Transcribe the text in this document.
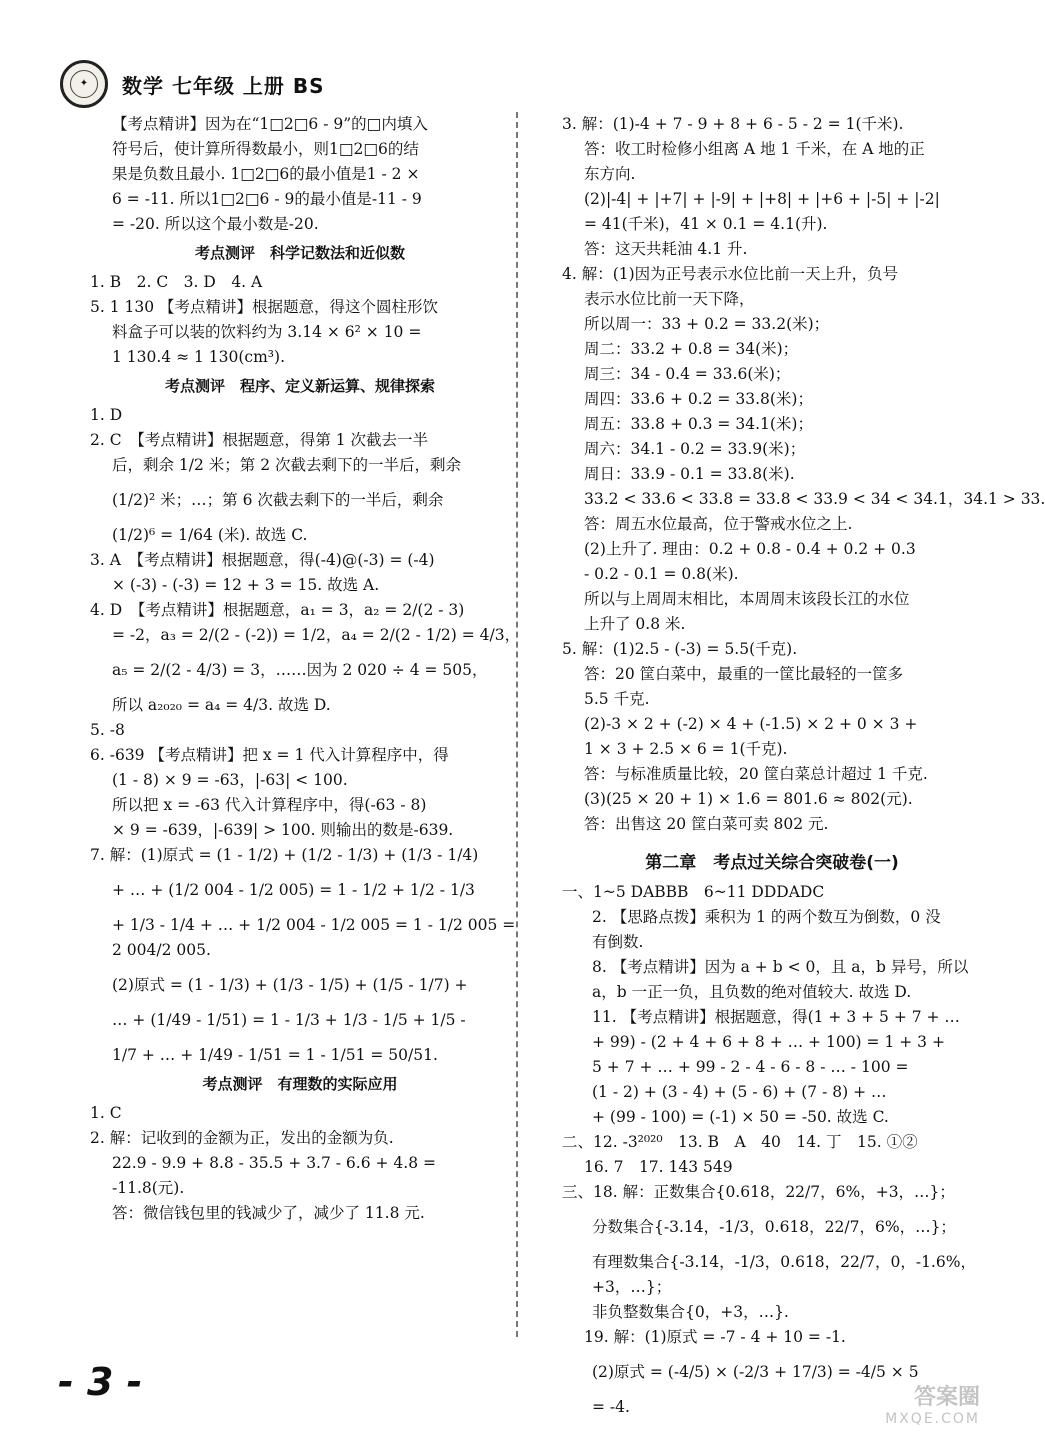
✦	数学 七年级 上册 BS
【考点精讲】因为在“1□2□6 - 9”的□内填入
符号后，使计算所得数最小，则1□2□6的结
果是负数且最小. 1□2□6的最小值是1 - 2 ×
6 = -11. 所以1□2□6 - 9的最小值是-11 - 9
= -20. 所以这个最小数是-20.
考点测评　科学记数法和近似数
1. B　2. C　3. D　4. A
5. 1 130 【考点精讲】根据题意，得这个圆柱形饮
料盒子可以装的饮料约为 3.14 × 6² × 10 =
1 130.4 ≈ 1 130(cm³).
考点测评　程序、定义新运算、规律探索
1. D
2. C　【考点精讲】根据题意，得第 1 次截去一半
后，剩余 1/2 米；第 2 次截去剩下的一半后，剩余
(1/2)² 米；…；第 6 次截去剩下的一半后，剩余
(1/2)⁶ = 1/64 (米). 故选 C.
3. A　【考点精讲】根据题意，得(-4)@(-3) = (-4)
× (-3) - (-3) = 12 + 3 = 15. 故选 A.
4. D　【考点精讲】根据题意，a₁ = 3，a₂ = 2/(2 - 3)
= -2，a₃ = 2/(2 - (-2)) = 1/2，a₄ = 2/(2 - 1/2) = 4/3，
a₅ = 2/(2 - 4/3) = 3，……因为 2 020 ÷ 4 = 505，
所以 a₂₀₂₀ = a₄ = 4/3. 故选 D.
5. -8
6. -639 【考点精讲】把 x = 1 代入计算程序中，得
(1 - 8) × 9 = -63，|-63| < 100.
所以把 x = -63 代入计算程序中，得(-63 - 8)
× 9 = -639，|-639| > 100. 则输出的数是-639.
7. 解：(1)原式 = (1 - 1/2) + (1/2 - 1/3) + (1/3 - 1/4)
+ … + (1/2 004 - 1/2 005) = 1 - 1/2 + 1/2 - 1/3
+ 1/3 - 1/4 + … + 1/2 004 - 1/2 005 = 1 - 1/2 005 =
2 004/2 005.
(2)原式 = (1 - 1/3) + (1/3 - 1/5) + (1/5 - 1/7) +
… + (1/49 - 1/51) = 1 - 1/3 + 1/3 - 1/5 + 1/5 -
1/7 + … + 1/49 - 1/51 = 1 - 1/51 = 50/51.
考点测评　有理数的实际应用
1. C
2. 解：记收到的金额为正，发出的金额为负.
22.9 - 9.9 + 8.8 - 35.5 + 3.7 - 6.6 + 4.8 =
-11.8(元).
答：微信钱包里的钱减少了，减少了 11.8 元.
3. 解：(1)-4 + 7 - 9 + 8 + 6 - 5 - 2 = 1(千米).
答：收工时检修小组离 A 地 1 千米，在 A 地的正
东方向.
(2)|-4| + |+7| + |-9| + |+8| + |+6 + |-5| + |-2|
= 41(千米)，41 × 0.1 = 4.1(升).
答：这天共耗油 4.1 升.
4. 解：(1)因为正号表示水位比前一天上升，负号
表示水位比前一天下降，
所以周一：33 + 0.2 = 33.2(米)；
周二：33.2 + 0.8 = 34(米)；
周三：34 - 0.4 = 33.6(米)；
周四：33.6 + 0.2 = 33.8(米)；
周五：33.8 + 0.3 = 34.1(米)；
周六：34.1 - 0.2 = 33.9(米)；
周日：33.9 - 0.1 = 33.8(米).
33.2 < 33.6 < 33.8 = 33.8 < 33.9 < 34 < 34.1，34.1 > 33.
答：周五水位最高，位于警戒水位之上.
(2)上升了. 理由：0.2 + 0.8 - 0.4 + 0.2 + 0.3
- 0.2 - 0.1 = 0.8(米).
所以与上周周末相比，本周周末该段长江的水位
上升了 0.8 米.
5. 解：(1)2.5 - (-3) = 5.5(千克).
答：20 筐白菜中，最重的一筐比最轻的一筐多
5.5 千克.
(2)-3 × 2 + (-2) × 4 + (-1.5) × 2 + 0 × 3 +
1 × 3 + 2.5 × 6 = 1(千克).
答：与标准质量比较，20 筐白菜总计超过 1 千克.
(3)(25 × 20 + 1) × 1.6 = 801.6 ≈ 802(元).
答：出售这 20 筐白菜可卖 802 元.
第二章　考点过关综合突破卷(一)
一、1~5 DABBB　6~11 DDDADC
2. 【思路点拨】乘积为 1 的两个数互为倒数，0 没
有倒数.
8. 【考点精讲】因为 a + b < 0，且 a，b 异号，所以
a，b 一正一负，且负数的绝对值较大. 故选 D.
11. 【考点精讲】根据题意，得(1 + 3 + 5 + 7 + …
+ 99) - (2 + 4 + 6 + 8 + … + 100) = 1 + 3 +
5 + 7 + … + 99 - 2 - 4 - 6 - 8 - … - 100 =
(1 - 2) + (3 - 4) + (5 - 6) + (7 - 8) + …
+ (99 - 100) = (-1) × 50 = -50. 故选 C.
二、12. -3²⁰²⁰　13. B　A　40　14. 丁　15. ①②
16. 7　17. 143 549
三、18. 解：正数集合{0.618，22/7，6%，+3，…}；
分数集合{-3.14，-1/3，0.618，22/7，6%，…}；
有理数集合{-3.14，-1/3，0.618，22/7，0，-1.6%，
+3，…}；
非负整数集合{0，+3，…}.
19. 解：(1)原式 = -7 - 4 + 10 = -1.
(2)原式 = (-4/5) × (-2/3 + 17/3) = -4/5 × 5
= -4.
- 3 -	答案圈
MXQE.COM
